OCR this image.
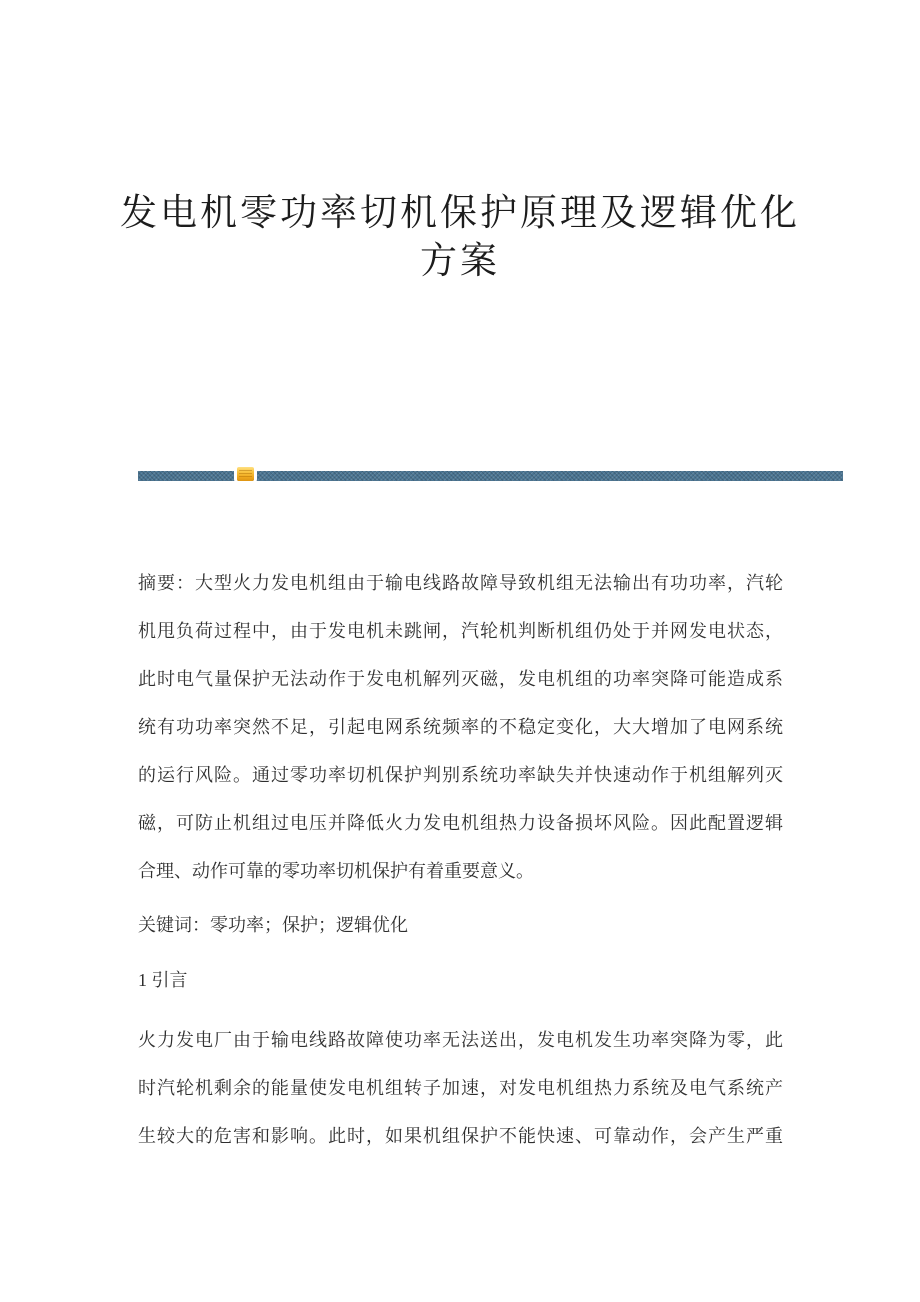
发电机零功率切机保护原理及逻辑优化
方案

摘要：大型火力发电机组由于输电线路故障导致机组无法输出有功功率，汽轮
机甩负荷过程中，由于发电机未跳闸，汽轮机判断机组仍处于并网发电状态，
此时电气量保护无法动作于发电机解列灭磁，发电机组的功率突降可能造成系
统有功功率突然不足，引起电网系统频率的不稳定变化，大大增加了电网系统
的运行风险。通过零功率切机保护判别系统功率缺失并快速动作于机组解列灭
磁，可防止机组过电压并降低火力发电机组热力设备损坏风险。因此配置逻辑
合理、动作可靠的零功率切机保护有着重要意义。

关键词：零功率；保护；逻辑优化

1 引言

火力发电厂由于输电线路故障使功率无法送出，发电机发生功率突降为零，此
时汽轮机剩余的能量使发电机组转子加速，对发电机组热力系统及电气系统产
生较大的危害和影响。此时，如果机组保护不能快速、可靠动作，会产生严重
